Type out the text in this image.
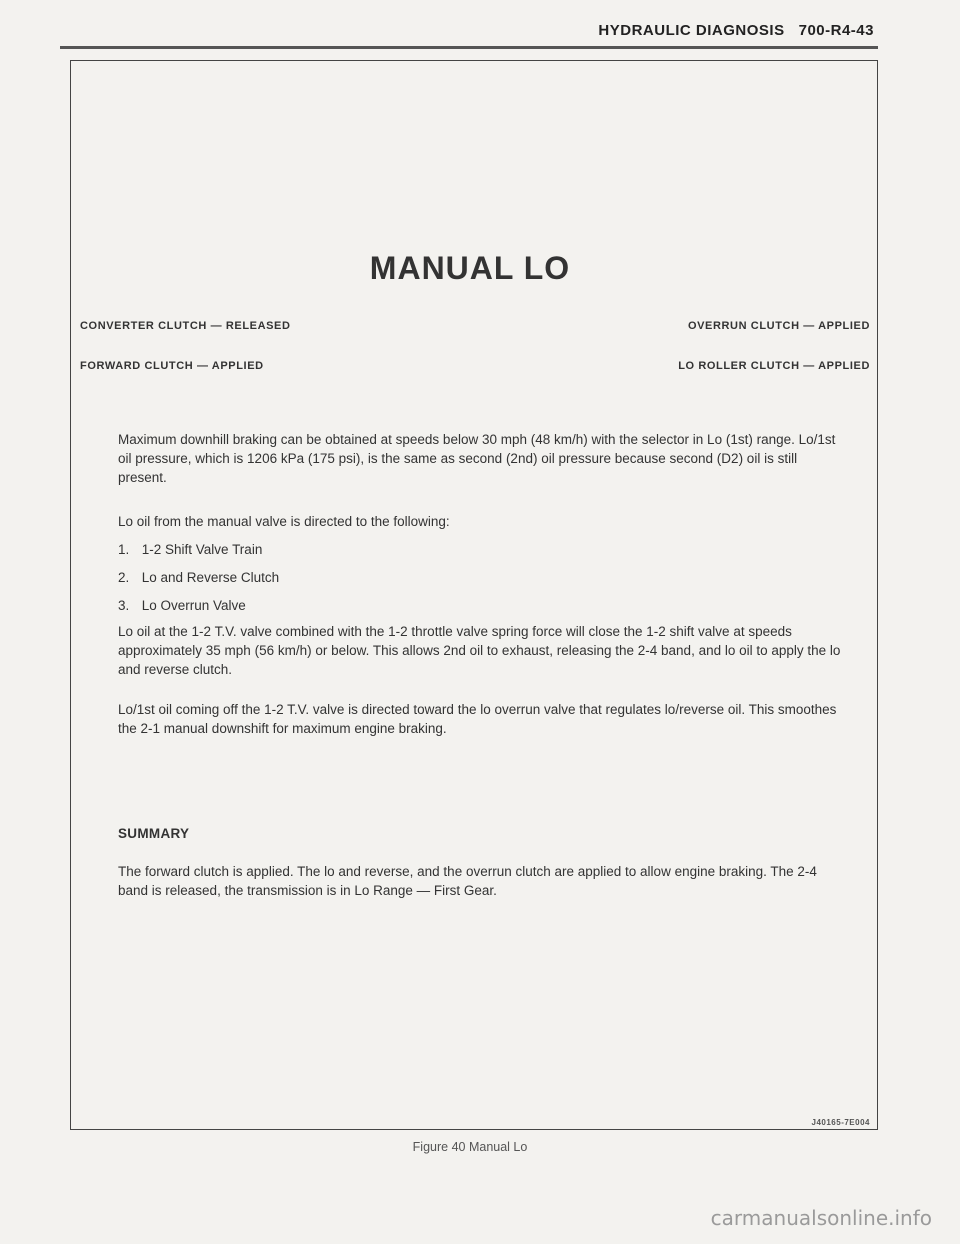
HYDRAULIC DIAGNOSIS 700-R4-43
MANUAL LO
CONVERTER CLUTCH — RELEASED
FORWARD CLUTCH — APPLIED
OVERRUN CLUTCH — APPLIED
LO ROLLER CLUTCH — APPLIED
Maximum downhill braking can be obtained at speeds below 30 mph (48 km/h) with the selector in Lo (1st) range. Lo/1st oil pressure, which is 1206 kPa (175 psi), is the same as second (2nd) oil pressure because second (D2) oil is still present.
Lo oil from the manual valve is directed to the following:
1. 1-2 Shift Valve Train
2. Lo and Reverse Clutch
3. Lo Overrun Valve
Lo oil at the 1-2 T.V. valve combined with the 1-2 throttle valve spring force will close the 1-2 shift valve at speeds approximately 35 mph (56 km/h) or below. This allows 2nd oil to exhaust, releasing the 2-4 band, and lo oil to apply the lo and reverse clutch.
Lo/1st oil coming off the 1-2 T.V. valve is directed toward the lo overrun valve that regulates lo/reverse oil. This smoothes the 2-1 manual downshift for maximum engine braking.
SUMMARY
The forward clutch is applied. The lo and reverse, and the overrun clutch are applied to allow engine braking. The 2-4 band is released, the transmission is in Lo Range — First Gear.
J40165-7E004
Figure 40 Manual Lo
carmanualsonline.info
